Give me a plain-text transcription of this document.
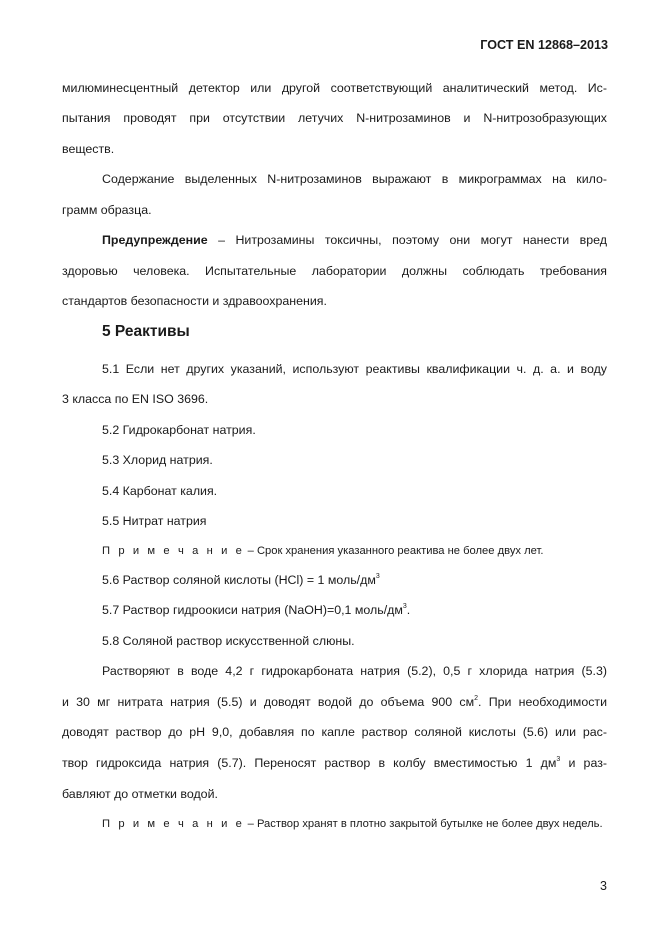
ГОСТ EN 12868–2013
милюминесцентный детектор или другой соответствующий аналитический метод. Ис-
пытания проводят при отсутствии летучих N-нитрозаминов и N-нитрозобразующих
веществ.
Содержание выделенных N-нитрозаминов выражают в микрограммах на кило-
грамм образца.
Предупреждение – Нитрозамины токсичны, поэтому они могут нанести вред
здоровью человека. Испытательные лаборатории должны соблюдать требования
стандартов безопасности и здравоохранения.
5 Реактивы
5.1 Если нет других указаний, используют реактивы квалификации ч. д. а. и воду
3 класса по EN ISO 3696.
5.2 Гидрокарбонат натрия.
5.3 Хлорид натрия.
5.4 Карбонат калия.
5.5 Нитрат натрия
П р и м е ч а н и е – Срок хранения указанного реактива не более двух лет.
5.6 Раствор соляной кислоты (HCl) = 1 моль/$дм^3$
5.7 Раствор гидроокиси натрия (NaOH)=0,1 моль/$дм^3$.
5.8 Соляной раствор искусственной слюны.
Растворяют в воде 4,2 г гидрокарбоната натрия (5.2), 0,5 г хлорида натрия (5.3)
и 30 мг нитрата натрия (5.5) и доводят водой до объема 900 $см^2$. При необходимости
доводят раствор до рН 9,0, добавляя по капле раствор соляной кислоты (5.6) или рас-
твор гидроксида натрия (5.7). Переносят раствор в колбу вместимостью 1 $дм^3$ и раз-
бавляют до отметки водой.
П р и м е ч а н и е – Раствор хранят в плотно закрытой бутылке не более двух недель.
3
